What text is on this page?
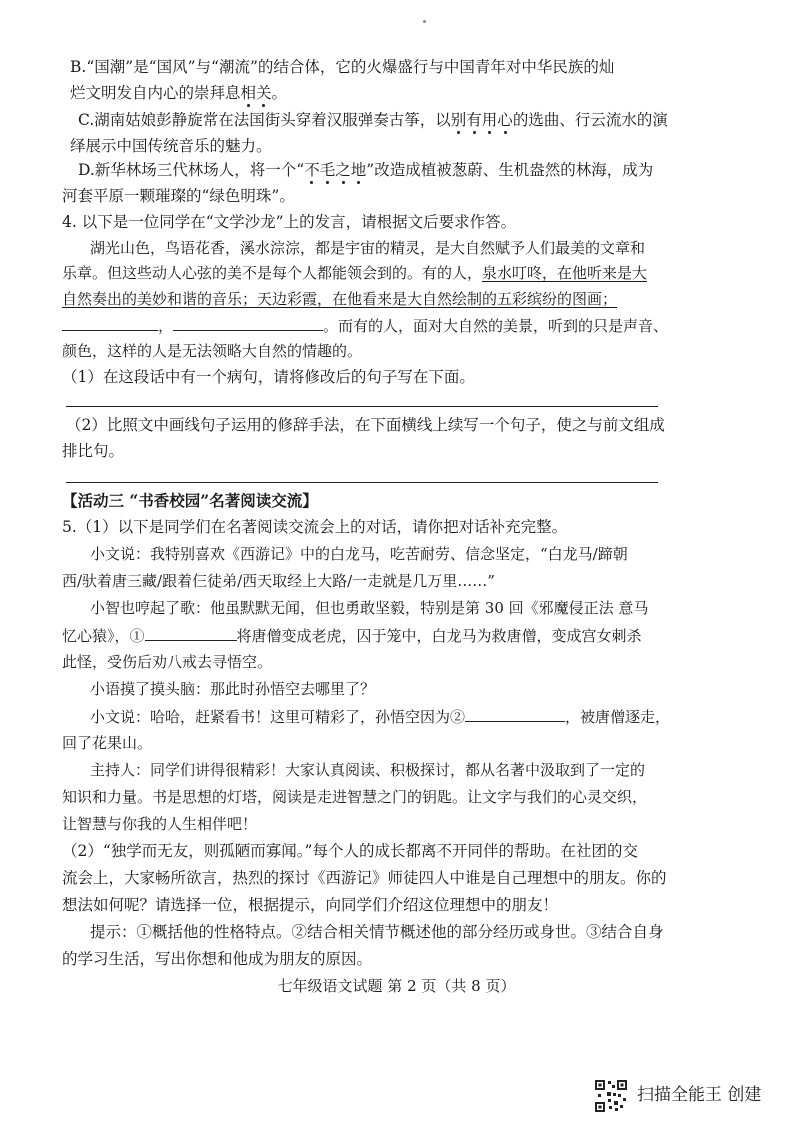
B.“国潮”是“国风”与“潮流”的结合体，它的火爆盛行与中国青年对中华民族的灿
烂文明发自内心的崇拜息相关。
C.湖南姑娘彭静旋常在法国街头穿着汉服弹奏古筝，以别有用心的选曲、行云流水的演
绎展示中国传统音乐的魅力。
D.新华林场三代林场人，将一个“不毛之地”改造成植被葱蔚、生机盎然的林海，成为
河套平原一颗璀璨的“绿色明珠”。
4. 以下是一位同学在“文学沙龙”上的发言，请根据文后要求作答。
湖光山色，鸟语花香，溪水淙淙，都是宇宙的精灵，是大自然赋予人们最美的文章和
乐章。但这些动人心弦的美不是每个人都能领会到的。有的人，泉水叮咚，在他听来是大
自然奏出的美妙和谐的音乐；天边彩霞，在他看来是大自然绘制的五彩缤纷的图画；
，	。而有的人，面对大自然的美景，听到的只是声音、
颜色，这样的人是无法领略大自然的情趣的。
（1）在这段话中有一个病句，请将修改后的句子写在下面。
（2）比照文中画线句子运用的修辞手法，在下面横线上续写一个句子，使之与前文组成
排比句。
【活动三 “书香校园”名著阅读交流】
5.（1）以下是同学们在名著阅读交流会上的对话，请你把对话补充完整。
小文说：我特别喜欢《西游记》中的白龙马，吃苦耐劳、信念坚定，“白龙马/蹄朝
西/驮着唐三藏/跟着仨徒弟/西天取经上大路/一走就是几万里……”
小智也哼起了歌：他虽默默无闻，但也勇敢坚毅，特别是第 30 回《邪魔侵正法 意马
忆心猿》，①	将唐僧变成老虎，囚于笼中，白龙马为救唐僧，变成宫女刺杀
此怪，受伤后劝八戒去寻悟空。
小语摸了摸头脑：那此时孙悟空去哪里了？
小文说：哈哈，赶紧看书！这里可精彩了，孙悟空因为②	，被唐僧逐走，
回了花果山。
主持人：同学们讲得很精彩！大家认真阅读、积极探讨，都从名著中汲取到了一定的
知识和力量。书是思想的灯塔，阅读是走进智慧之门的钥匙。让文字与我们的心灵交织，
让智慧与你我的人生相伴吧！
（2）“独学而无友，则孤陋而寡闻。”每个人的成长都离不开同伴的帮助。在社团的交
流会上，大家畅所欲言，热烈的探讨《西游记》师徒四人中谁是自己理想中的朋友。你的
想法如何呢？请选择一位，根据提示，向同学们介绍这位理想中的朋友！
提示：①概括他的性格特点。②结合相关情节概述他的部分经历或身世。③结合自身
的学习生活，写出你想和他成为朋友的原因。
七年级语文试题 第 2 页（共 8 页）
扫描全能王 创建
